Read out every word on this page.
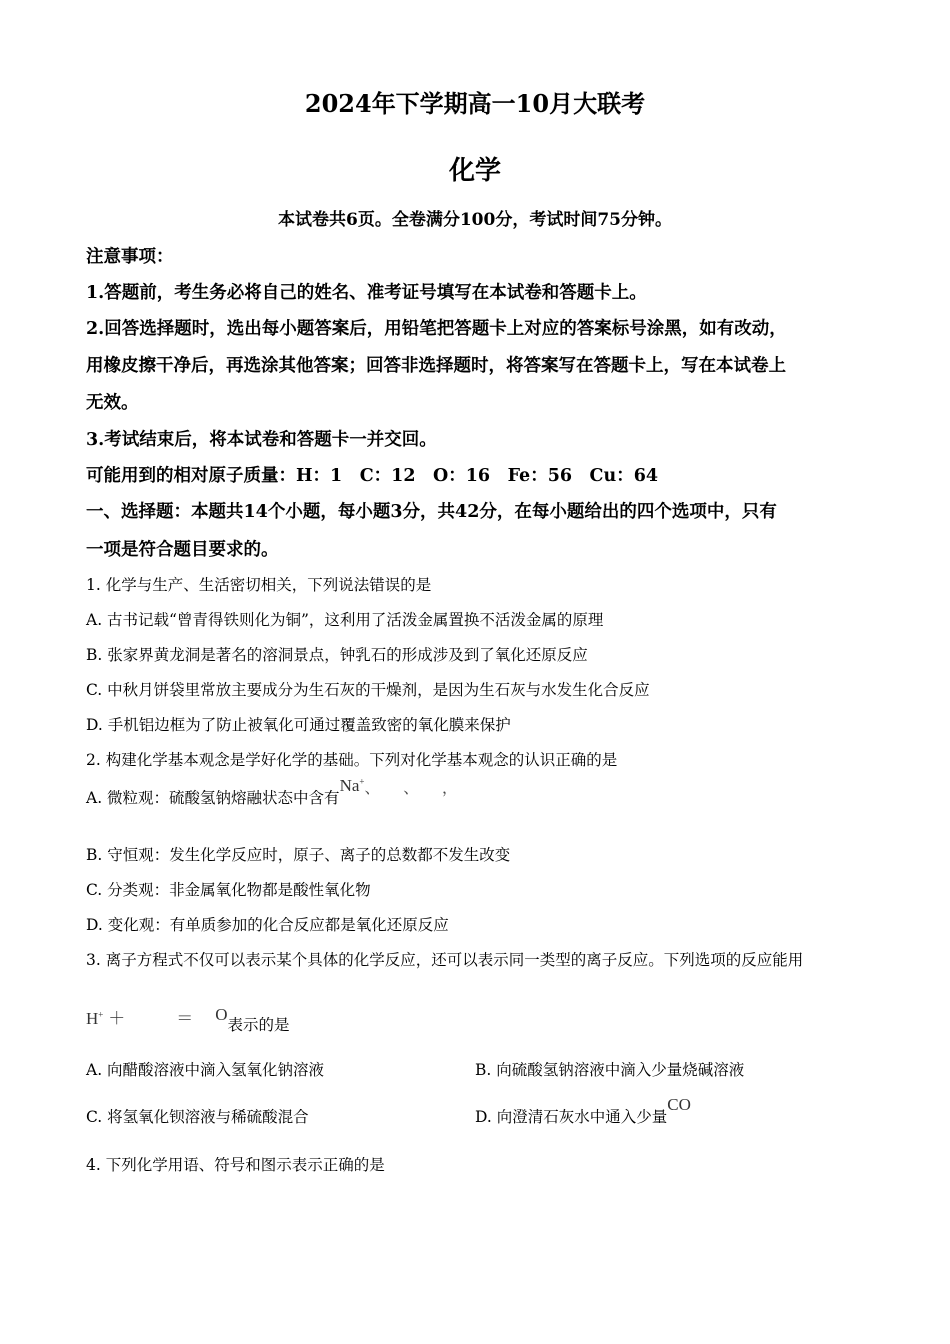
2024年下学期高一10月大联考
化学
本试卷共6页。全卷满分100分，考试时间75分钟。
注意事项：
1.答题前，考生务必将自己的姓名、准考证号填写在本试卷和答题卡上。
2.回答选择题时，选出每小题答案后，用铅笔把答题卡上对应的答案标号涂黑，如有改动，
用橡皮擦干净后，再选涂其他答案；回答非选择题时，将答案写在答题卡上，写在本试卷上
无效。
3.考试结束后，将本试卷和答题卡一并交回。
可能用到的相对原子质量：H：1　C：12　O：16　Fe：56　Cu：64
一、选择题：本题共14个小题，每小题3分，共42分，在每小题给出的四个选项中，只有
一项是符合题目要求的。
1. 化学与生产、生活密切相关，下列说法错误的是
A. 古书记载“曾青得铁则化为铜”，这利用了活泼金属置换不活泼金属的原理
B. 张家界黄龙洞是著名的溶洞景点，钟乳石的形成涉及到了氧化还原反应
C. 中秋月饼袋里常放主要成分为生石灰的干燥剂，是因为生石灰与水发生化合反应
D. 手机铝边框为了防止被氧化可通过覆盖致密的氧化膜来保护
2. 构建化学基本观念是学好化学的基础。下列对化学基本观念的认识正确的是
A. 微粒观：硫酸氢钠熔融状态中含有Na+、　　、　　，
B. 守恒观：发生化学反应时，原子、离子的总数都不发生改变
C. 分类观：非金属氧化物都是酸性氧化物
D. 变化观：有单质参加的化合反应都是氧化还原反应
3. 离子方程式不仅可以表示某个具体的化学反应，还可以表示同一类型的离子反应。下列选项的反应能用
H+ ＋　　　＝　 O表示的是
A. 向醋酸溶液中滴入氢氧化钠溶液	B. 向硫酸氢钠溶液中滴入少量烧碱溶液
C. 将氢氧化钡溶液与稀硫酸混合	D. 向澄清石灰水中通入少量CO
4. 下列化学用语、符号和图示表示正确的是
